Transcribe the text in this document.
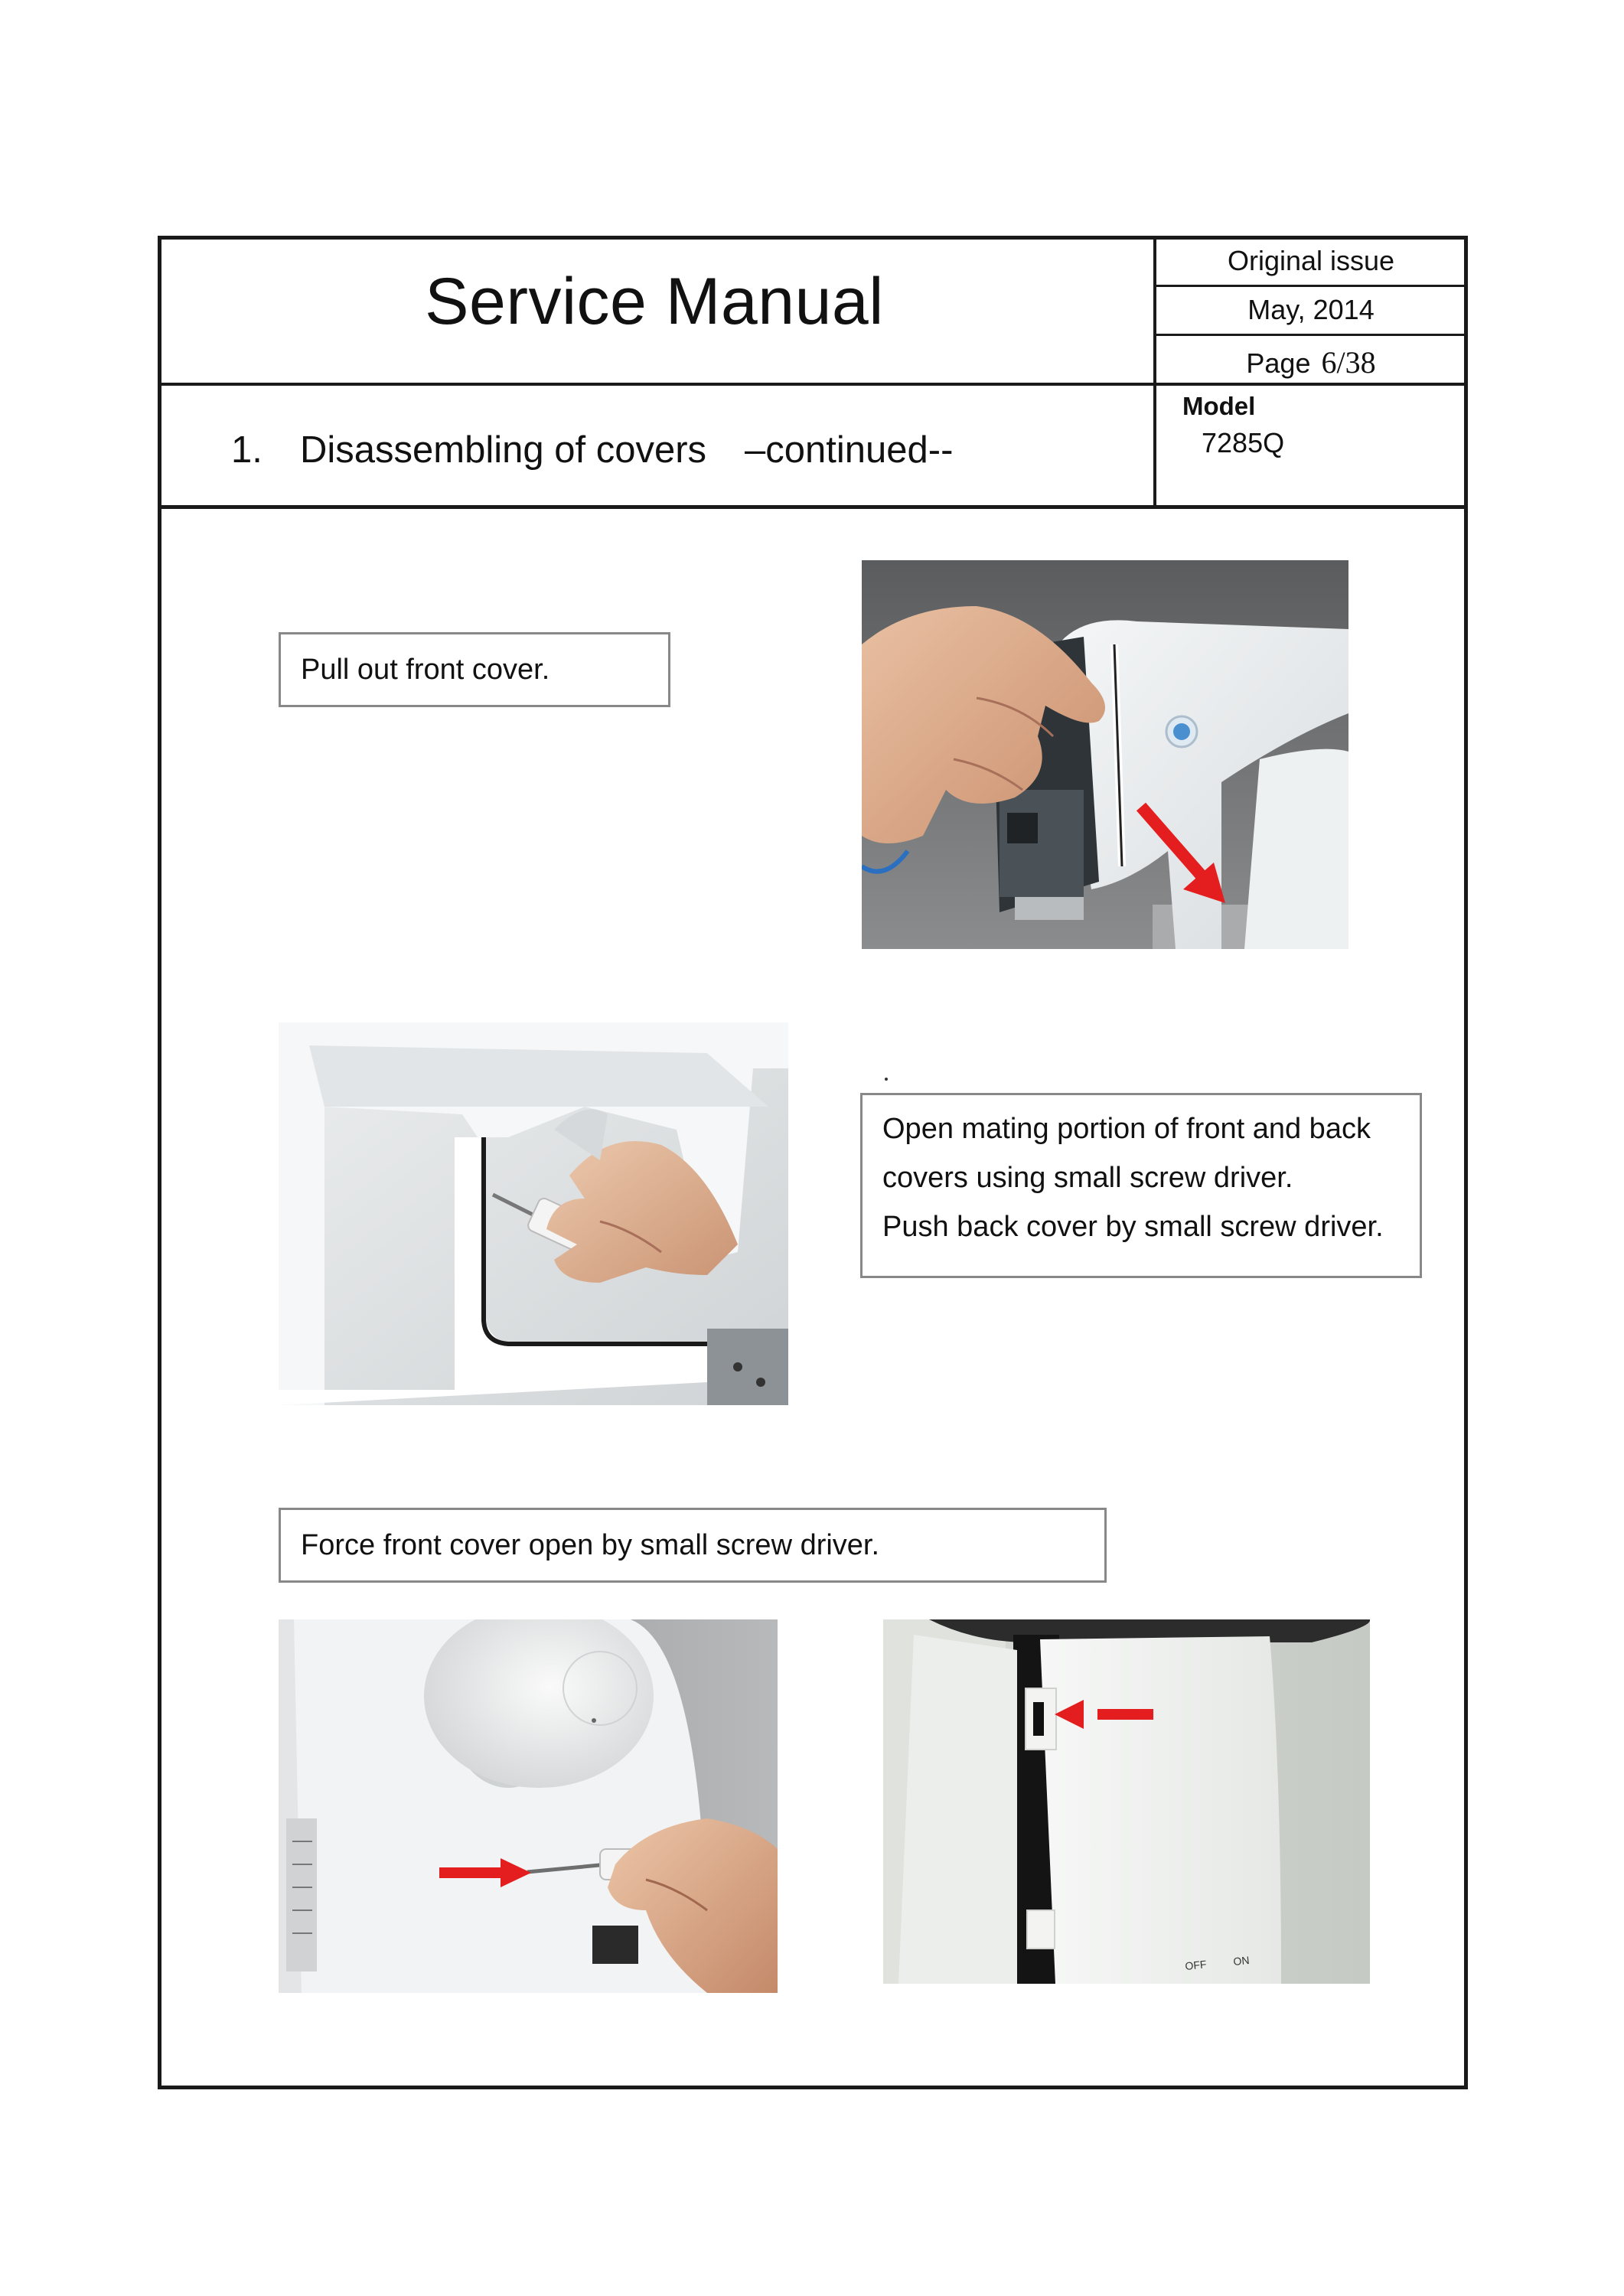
Service Manual
Original issue
May, 2014
Page 6/38
Model
7285Q
1. Disassembling of covers –continued--
Pull out front cover.
Open mating portion of front and back
covers using small screw driver.
Push back cover by small screw driver.
Force front cover open by small screw driver.
OFF ON
